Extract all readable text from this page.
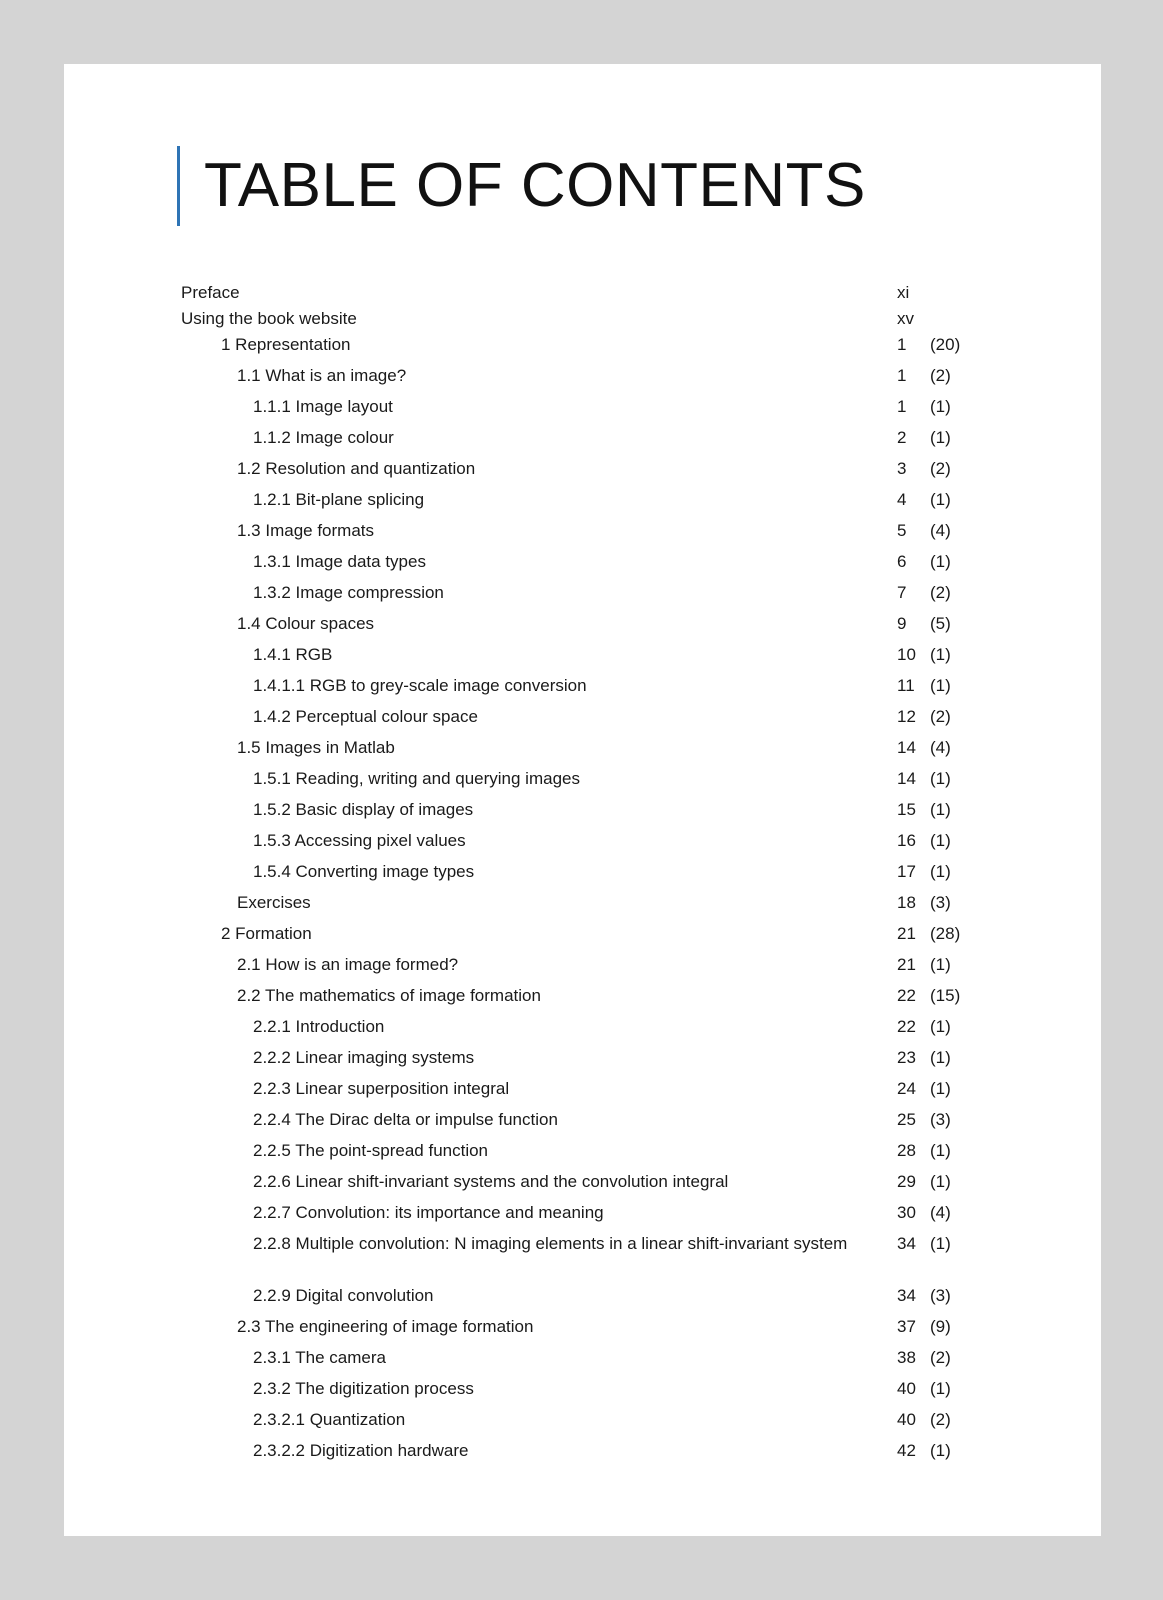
TABLE OF CONTENTS
Preface	xi
Using the book website	xv
1 Representation	1	(20)
1.1 What is an image?	1	(2)
1.1.1 Image layout	1	(1)
1.1.2 Image colour	2	(1)
1.2 Resolution and quantization	3	(2)
1.2.1 Bit-plane splicing	4	(1)
1.3 Image formats	5	(4)
1.3.1 Image data types	6	(1)
1.3.2 Image compression	7	(2)
1.4 Colour spaces	9	(5)
1.4.1 RGB	10 (1)
1.4.1.1 RGB to grey-scale image conversion	11 (1)
1.4.2 Perceptual colour space	12 (2)
1.5 Images in Matlab	14 (4)
1.5.1 Reading, writing and querying images	14 (1)
1.5.2 Basic display of images	15 (1)
1.5.3 Accessing pixel values	16 (1)
1.5.4 Converting image types	17 (1)
Exercises	18 (3)
2 Formation	21 (28)
2.1 How is an image formed?	21 (1)
2.2 The mathematics of image formation	22 (15)
2.2.1 Introduction	22 (1)
2.2.2 Linear imaging systems	23 (1)
2.2.3 Linear superposition integral	24 (1)
2.2.4 The Dirac delta or impulse function	25 (3)
2.2.5 The point-spread function	28 (1)
2.2.6 Linear shift-invariant systems and the convolution integral	29 (1)
2.2.7 Convolution: its importance and meaning	30 (4)
2.2.8 Multiple convolution: N imaging elements in a linear shift-invariant system	34 (1)
2.2.9 Digital convolution	34 (3)
2.3 The engineering of image formation	37 (9)
2.3.1 The camera	38 (2)
2.3.2 The digitization process	40 (1)
2.3.2.1 Quantization	40 (2)
2.3.2.2 Digitization hardware	42 (1)
